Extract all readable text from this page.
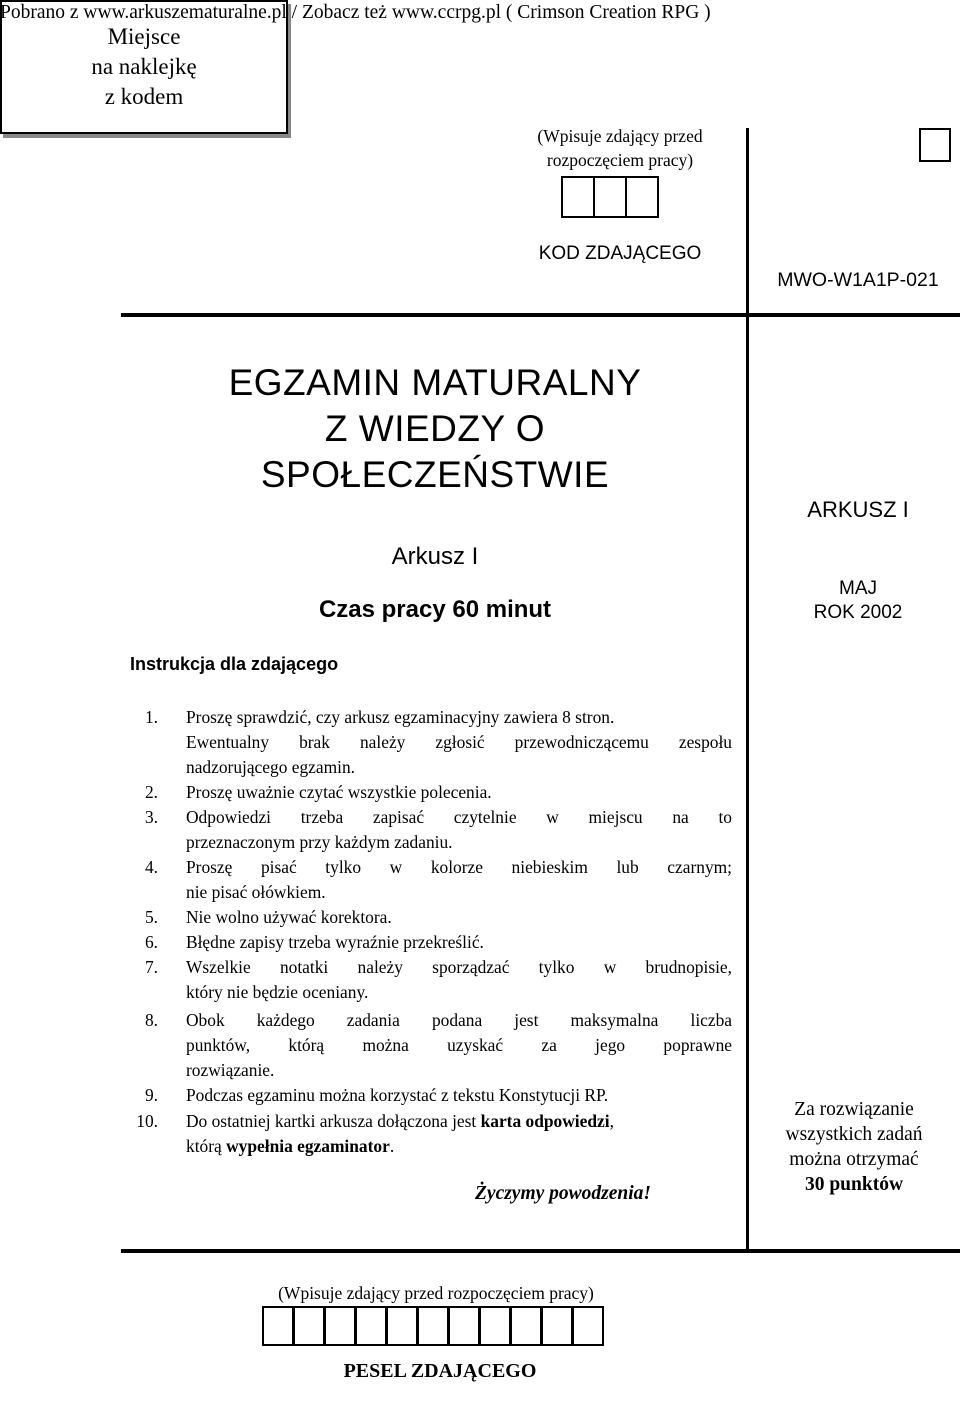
Pobrano z www.arkuszematuralne.pl / Zobacz też www.ccrpg.pl ( Crimson Creation RPG )
Miejsce
na naklejkę
z kodem
(Wpisuje zdający przed
rozpoczęciem pracy)
KOD ZDAJĄCEGO
MWO-W1A1P-021
EGZAMIN MATURALNY
Z WIEDZY O
SPOŁECZEŃSTWIE
Arkusz I
Czas pracy 60 minut
ARKUSZ I
MAJ
ROK 2002
Za rozwiązanie
wszystkich zadań
można otrzymać
30 punktów
Instrukcja dla zdającego
1. Proszę sprawdzić, czy arkusz egzaminacyjny zawiera 8 stron.
Ewentualny brak należy zgłosić przewodniczącemu zespołu
nadzorującego egzamin.
2. Proszę uważnie czytać wszystkie polecenia.
3. Odpowiedzi trzeba zapisać czytelnie w miejscu na to
przeznaczonym przy każdym zadaniu.
4. Proszę pisać tylko w kolorze niebieskim lub czarnym;
nie pisać ołówkiem.
5. Nie wolno używać korektora.
6. Błędne zapisy trzeba wyraźnie przekreślić.
7. Wszelkie notatki należy sporządzać tylko w brudnopisie,
który nie będzie oceniany.
8. Obok każdego zadania podana jest maksymalna liczba
punktów, którą można uzyskać za jego poprawne
rozwiązanie.
9. Podczas egzaminu można korzystać z tekstu Konstytucji RP.
10. Do ostatniej kartki arkusza dołączona jest karta odpowiedzi,
którą wypełnia egzaminator.
Życzymy powodzenia!
(Wpisuje zdający przed rozpoczęciem pracy)
PESEL ZDAJĄCEGO
